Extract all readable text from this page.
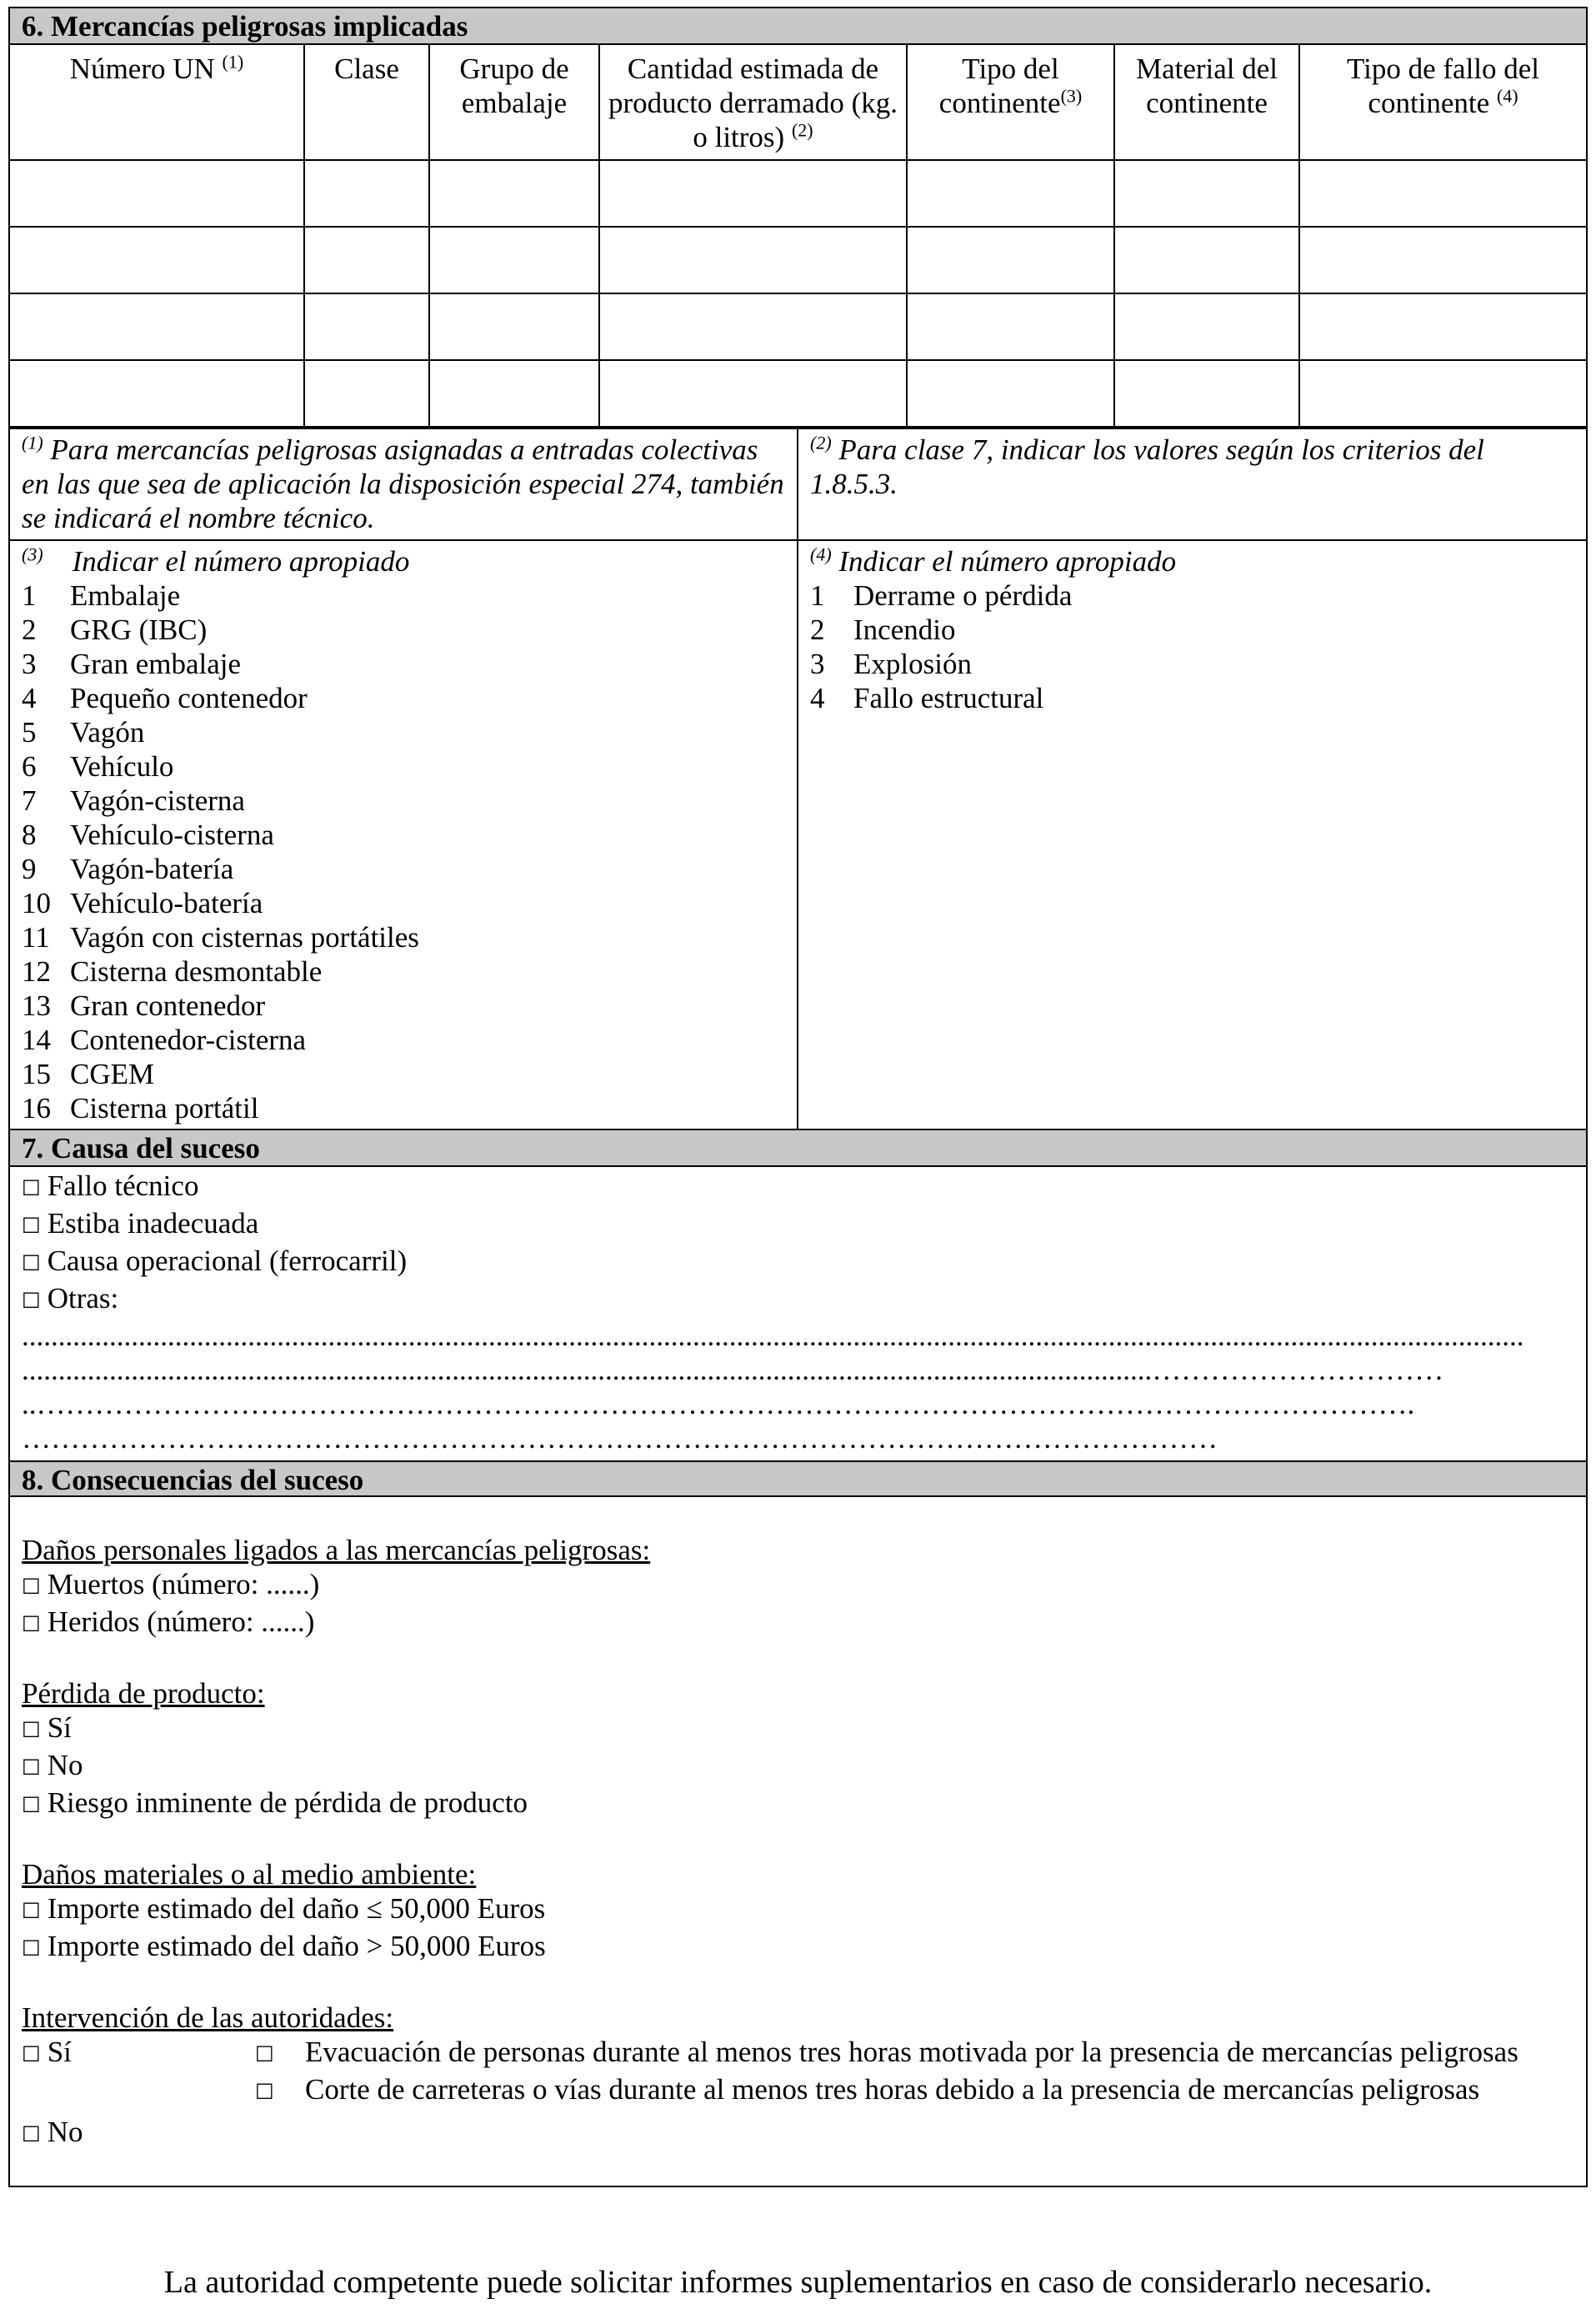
6. Mercancías peligrosas implicadas
Número UN $^{(1)}$	Clase	Grupo de embalaje	Cantidad estimada de producto derramado (kg. o litros) $^{(2)}$	Tipo del continente$^{(3)}$	Material del continente	Tipo de fallo del continente $^{(4)}$

$^{(1)}$ Para mercancías peligrosas asignadas a entradas colectivas en las que sea de aplicación la disposición especial 274, también se indicará el nombre técnico.
$^{(2)}$ Para clase 7, indicar los valores según los criterios del 1.8.5.3.
$^{(3)}$ Indicar el número apropiado
1	Embalaje
2	GRG (IBC)
3	Gran embalaje
4	Pequeño contenedor
5	Vagón
6	Vehículo
7	Vagón-cisterna
8	Vehículo-cisterna
9	Vagón-batería
10 Vehículo-batería
11 Vagón con cisternas portátiles
12 Cisterna desmontable
13 Gran contenedor
14 Contenedor-cisterna
15 CGEM
16 Cisterna portátil
$^{(4)}$ Indicar el número apropiado
1 Derrame o pérdida
2 Incendio
3 Explosión
4 Fallo estructural
7. Causa del suceso
□ Fallo técnico
□ Estiba inadecuada
□ Causa operacional (ferrocarril)
□ Otras:
..............................................................................................................................................................................................................
...........................................................................................................................................................…………………………
..…………………………………………………………………………………………………………………………….
……………………………………………………………………………………………………………
8. Consecuencias del suceso
Daños personales ligados a las mercancías peligrosas:
□ Muertos (número: ......)
□ Heridos (número: ......)
Pérdida de producto:
□ Sí
□ No
□ Riesgo inminente de pérdida de producto
Daños materiales o al medio ambiente:
□ Importe estimado del daño ≤ 50,000 Euros
□ Importe estimado del daño > 50,000 Euros
Intervención de las autoridades:
□ Sí	□	Evacuación de personas durante al menos tres horas motivada por la presencia de mercancías peligrosas
□	Corte de carreteras o vías durante al menos tres horas debido a la presencia de mercancías peligrosas
□ No
La autoridad competente puede solicitar informes suplementarios en caso de considerarlo necesario.
